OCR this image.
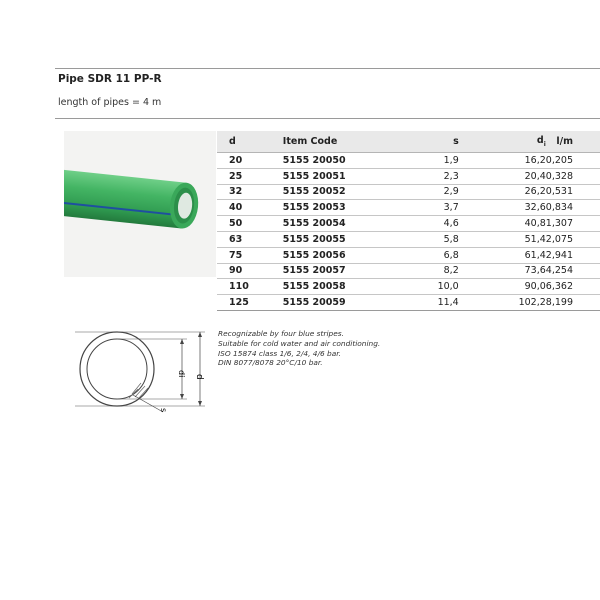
Pipe SDR 11 PP-R
length of pipes = 4 m
d	Item Code	s	$d_i$	l/m
20	5155 20050	1,9	16,2	0,205
25	5155 20051	2,3	20,4	0,328
32	5155 20052	2,9	26,2	0,531
40	5155 20053	3,7	32,6	0,834
50	5155 20054	4,6	40,8	1,307
63	5155 20055	5,8	51,4	2,075
75	5155 20056	6,8	61,4	2,941
90	5155 20057	8,2	73,6	4,254
110	5155 20058	10,0	90,0	6,362
125	5155 20059	11,4	102,2	8,199
d
di
s
Recognizable by four blue stripes.
Suitable for cold water and air conditioning.
ISO 15874 class 1/6, 2/4, 4/6 bar.
DIN 8077/8078 20°C/10 bar.
